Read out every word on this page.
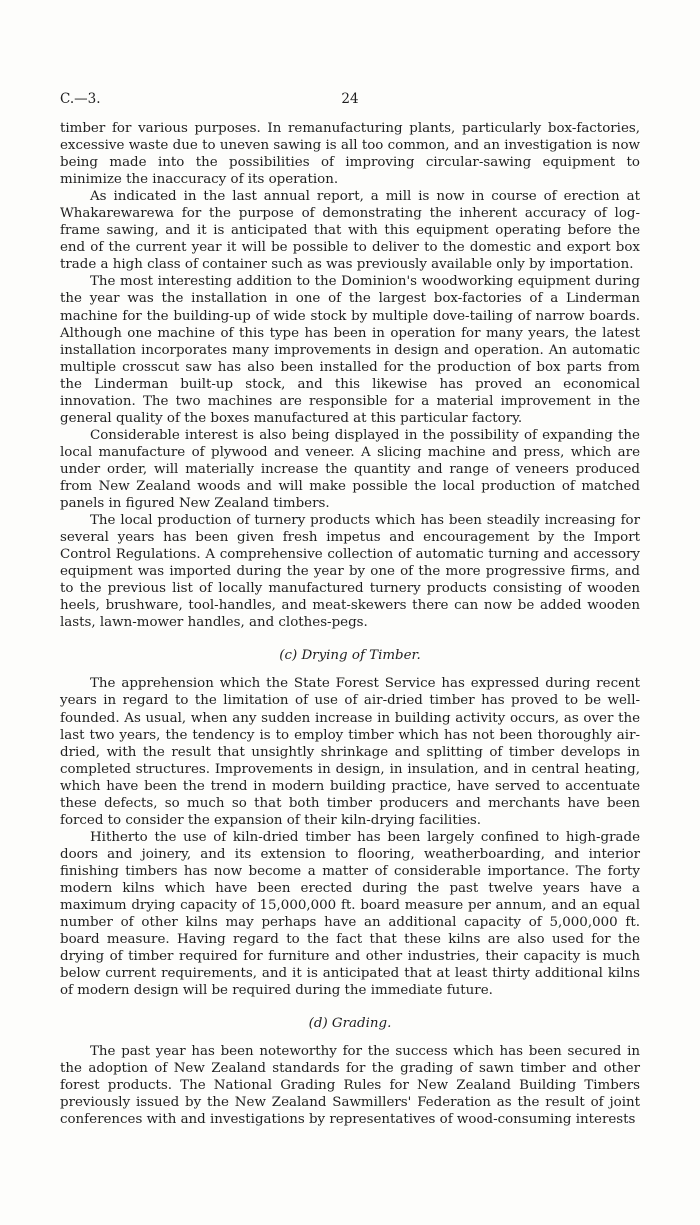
C.—3.	24

timber for various purposes. In remanufacturing plants, particularly box-factories, excessive waste due to uneven sawing is all too common, and an investigation is now being made into the possibilities of improving circular-sawing equipment to minimize the inaccuracy of its operation.

As indicated in the last annual report, a mill is now in course of erection at Whakarewarewa for the purpose of demonstrating the inherent accuracy of log-frame sawing, and it is anticipated that with this equipment operating before the end of the current year it will be possible to deliver to the domestic and export box trade a high class of container such as was previously available only by importation.

The most interesting addition to the Dominion's woodworking equipment during the year was the installation in one of the largest box-factories of a Linderman machine for the building-up of wide stock by multiple dove-tailing of narrow boards. Although one machine of this type has been in operation for many years, the latest installation incorporates many improvements in design and operation. An automatic multiple crosscut saw has also been installed for the production of box parts from the Linderman built-up stock, and this likewise has proved an economical innovation. The two machines are responsible for a material improvement in the general quality of the boxes manufactured at this particular factory.

Considerable interest is also being displayed in the possibility of expanding the local manufacture of plywood and veneer. A slicing machine and press, which are under order, will materially increase the quantity and range of veneers produced from New Zealand woods and will make possible the local production of matched panels in figured New Zealand timbers.

The local production of turnery products which has been steadily increasing for several years has been given fresh impetus and encouragement by the Import Control Regulations. A comprehensive collection of automatic turning and accessory equipment was imported during the year by one of the more progressive firms, and to the previous list of locally manufactured turnery products consisting of wooden heels, brushware, tool-handles, and meat-skewers there can now be added wooden lasts, lawn-mower handles, and clothes-pegs.

(c) Drying of Timber.

The apprehension which the State Forest Service has expressed during recent years in regard to the limitation of use of air-dried timber has proved to be well-founded. As usual, when any sudden increase in building activity occurs, as over the last two years, the tendency is to employ timber which has not been thoroughly air-dried, with the result that unsightly shrinkage and splitting of timber develops in completed structures. Improvements in design, in insulation, and in central heating, which have been the trend in modern building practice, have served to accentuate these defects, so much so that both timber producers and merchants have been forced to consider the expansion of their kiln-drying facilities.

Hitherto the use of kiln-dried timber has been largely confined to high-grade doors and joinery, and its extension to flooring, weatherboarding, and interior finishing timbers has now become a matter of considerable importance. The forty modern kilns which have been erected during the past twelve years have a maximum drying capacity of 15,000,000 ft. board measure per annum, and an equal number of other kilns may perhaps have an additional capacity of 5,000,000 ft. board measure. Having regard to the fact that these kilns are also used for the drying of timber required for furniture and other industries, their capacity is much below current requirements, and it is anticipated that at least thirty additional kilns of modern design will be required during the immediate future.

(d) Grading.

The past year has been noteworthy for the success which has been secured in the adoption of New Zealand standards for the grading of sawn timber and other forest products. The National Grading Rules for New Zealand Building Timbers previously issued by the New Zealand Sawmillers' Federation as the result of joint conferences with and investigations by representatives of wood-consuming interests
